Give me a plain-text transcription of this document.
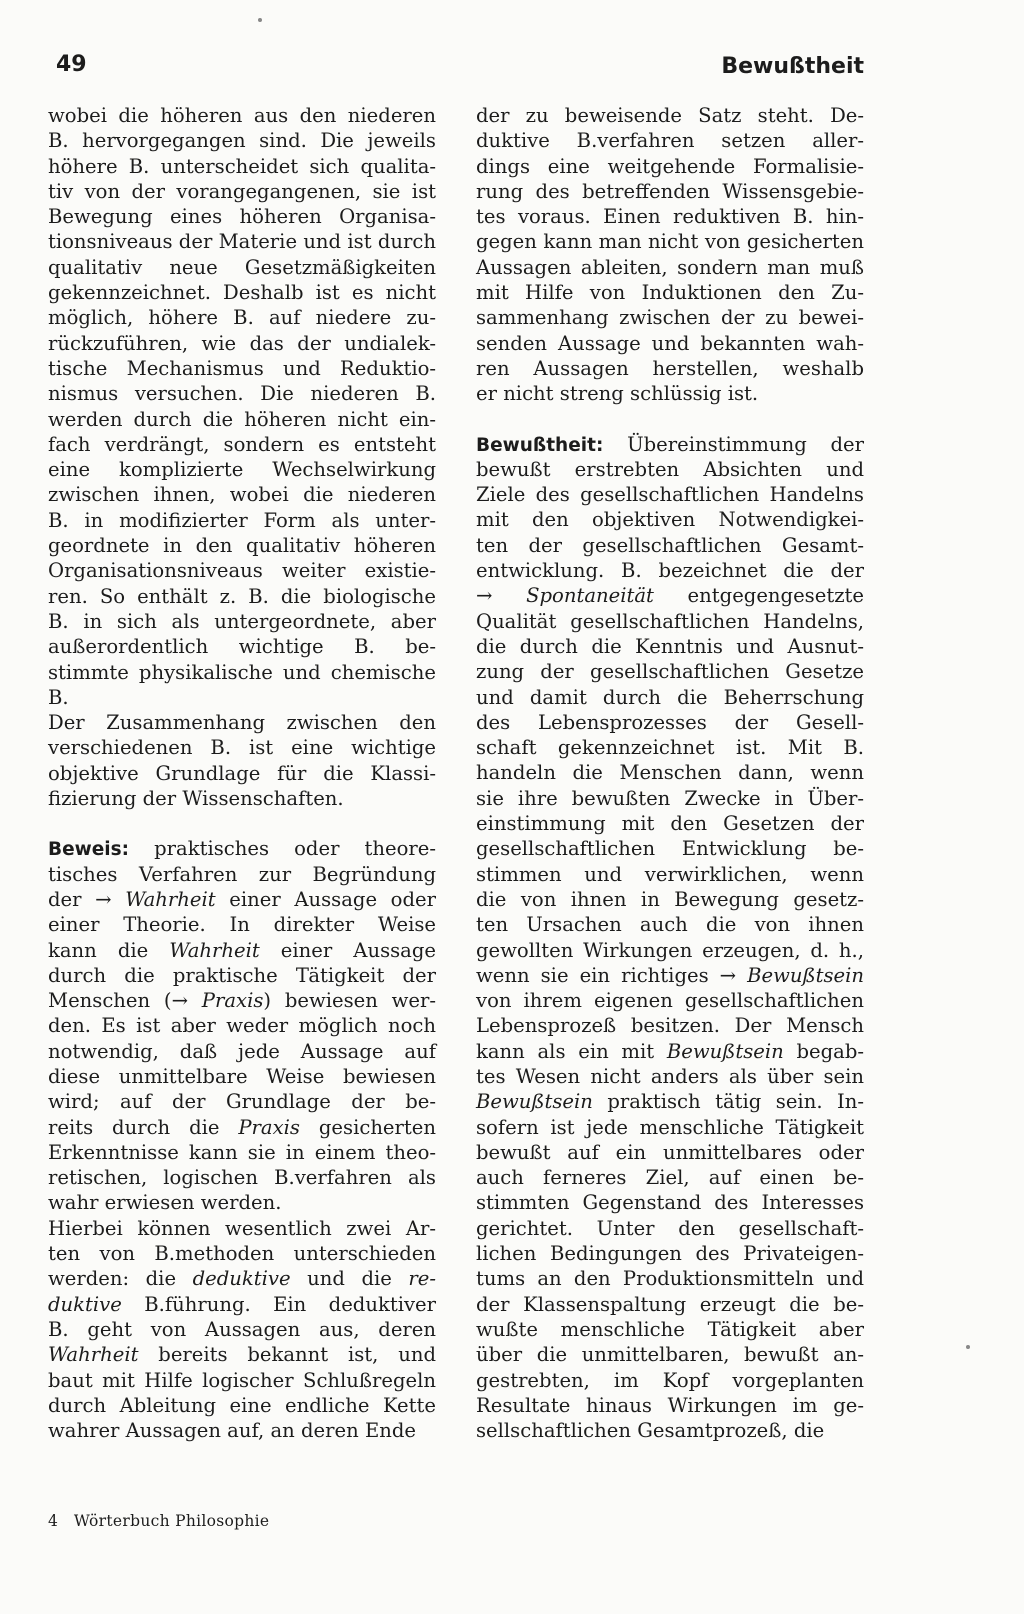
49	Bewußtheit
wobei die höheren aus den niederen
B. hervorgegangen sind. Die jeweils
höhere B. unterscheidet sich qualita-
tiv von der vorangegangenen, sie ist
Bewegung eines höheren Organisa-
tionsniveaus der Materie und ist durch
qualitativ neue Gesetzmäßigkeiten
gekennzeichnet. Deshalb ist es nicht
möglich, höhere B. auf niedere zu-
rückzuführen, wie das der undialek-
tische Mechanismus und Reduktio-
nismus versuchen. Die niederen B.
werden durch die höheren nicht ein-
fach verdrängt, sondern es entsteht
eine komplizierte Wechselwirkung
zwischen ihnen, wobei die niederen
B. in modifizierter Form als unter-
geordnete in den qualitativ höheren
Organisationsniveaus weiter existie-
ren. So enthält z. B. die biologische
B. in sich als untergeordnete, aber
außerordentlich wichtige B. be-
stimmte physikalische und chemische
B.
Der Zusammenhang zwischen den
verschiedenen B. ist eine wichtige
objektive Grundlage für die Klassi-
fizierung der Wissenschaften.
Beweis: praktisches oder theore-
tisches Verfahren zur Begründung
der → Wahrheit einer Aussage oder
einer Theorie. In direkter Weise
kann die Wahrheit einer Aussage
durch die praktische Tätigkeit der
Menschen (→ Praxis) bewiesen wer-
den. Es ist aber weder möglich noch
notwendig, daß jede Aussage auf
diese unmittelbare Weise bewiesen
wird; auf der Grundlage der be-
reits durch die Praxis gesicherten
Erkenntnisse kann sie in einem theo-
retischen, logischen B.verfahren als
wahr erwiesen werden.
Hierbei können wesentlich zwei Ar-
ten von B.methoden unterschieden
werden: die deduktive und die re-
duktive B.führung. Ein deduktiver
B. geht von Aussagen aus, deren
Wahrheit bereits bekannt ist, und
baut mit Hilfe logischer Schlußregeln
durch Ableitung eine endliche Kette
wahrer Aussagen auf, an deren Ende
der zu beweisende Satz steht. De-
duktive B.verfahren setzen aller-
dings eine weitgehende Formalisie-
rung des betreffenden Wissensgebie-
tes voraus. Einen reduktiven B. hin-
gegen kann man nicht von gesicherten
Aussagen ableiten, sondern man muß
mit Hilfe von Induktionen den Zu-
sammenhang zwischen der zu bewei-
senden Aussage und bekannten wah-
ren Aussagen herstellen, weshalb
er nicht streng schlüssig ist.
Bewußtheit: Übereinstimmung der
bewußt erstrebten Absichten und
Ziele des gesellschaftlichen Handelns
mit den objektiven Notwendigkei-
ten der gesellschaftlichen Gesamt-
entwicklung. B. bezeichnet die der
→ Spontaneität entgegengesetzte
Qualität gesellschaftlichen Handelns,
die durch die Kenntnis und Ausnut-
zung der gesellschaftlichen Gesetze
und damit durch die Beherrschung
des Lebensprozesses der Gesell-
schaft gekennzeichnet ist. Mit B.
handeln die Menschen dann, wenn
sie ihre bewußten Zwecke in Über-
einstimmung mit den Gesetzen der
gesellschaftlichen Entwicklung be-
stimmen und verwirklichen, wenn
die von ihnen in Bewegung gesetz-
ten Ursachen auch die von ihnen
gewollten Wirkungen erzeugen, d. h.,
wenn sie ein richtiges → Bewußtsein
von ihrem eigenen gesellschaftlichen
Lebensprozeß besitzen. Der Mensch
kann als ein mit Bewußtsein begab-
tes Wesen nicht anders als über sein
Bewußtsein praktisch tätig sein. In-
sofern ist jede menschliche Tätigkeit
bewußt auf ein unmittelbares oder
auch ferneres Ziel, auf einen be-
stimmten Gegenstand des Interesses
gerichtet. Unter den gesellschaft-
lichen Bedingungen des Privateigen-
tums an den Produktionsmitteln und
der Klassenspaltung erzeugt die be-
wußte menschliche Tätigkeit aber
über die unmittelbaren, bewußt an-
gestrebten, im Kopf vorgeplanten
Resultate hinaus Wirkungen im ge-
sellschaftlichen Gesamtprozeß, die
4 Wörterbuch Philosophie
